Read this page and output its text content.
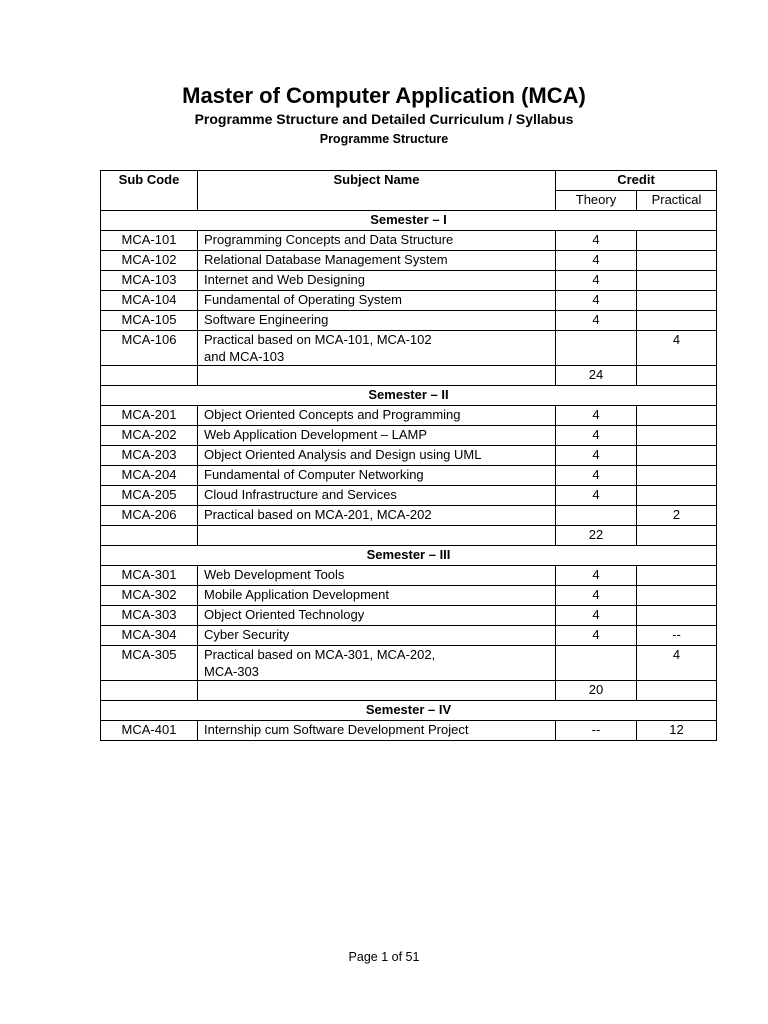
Master of Computer Application (MCA)
Programme Structure and Detailed Curriculum / Syllabus
Programme Structure
Sub Code	Subject Name	Credit	
		Theory	Practical
Semester – I			
MCA-101	Programming Concepts and Data Structure	4	
MCA-102	Relational Database Management System	4	
MCA-103	Internet and Web Designing	4	
MCA-104	Fundamental of Operating System	4	
MCA-105	Software Engineering	4	
MCA-106	Practical based on MCA-101, MCA-102
and MCA-103		4
		24	
Semester – II			
MCA-201	Object Oriented Concepts and Programming	4	
MCA-202	Web Application Development – LAMP	4	
MCA-203	Object Oriented Analysis and Design using UML	4	
MCA-204	Fundamental of Computer Networking	4	
MCA-205	Cloud Infrastructure and Services	4	
MCA-206	Practical based on MCA-201, MCA-202		2
		22	
Semester – III			
MCA-301	Web Development Tools	4	
MCA-302	Mobile Application Development	4	
MCA-303	Object Oriented Technology	4	
MCA-304	Cyber Security	4	--
MCA-305	Practical based on MCA-301, MCA-202,
MCA-303		4
		20	
Semester – IV			
MCA-401	Internship cum Software Development Project	--	12
Page 1 of 51
